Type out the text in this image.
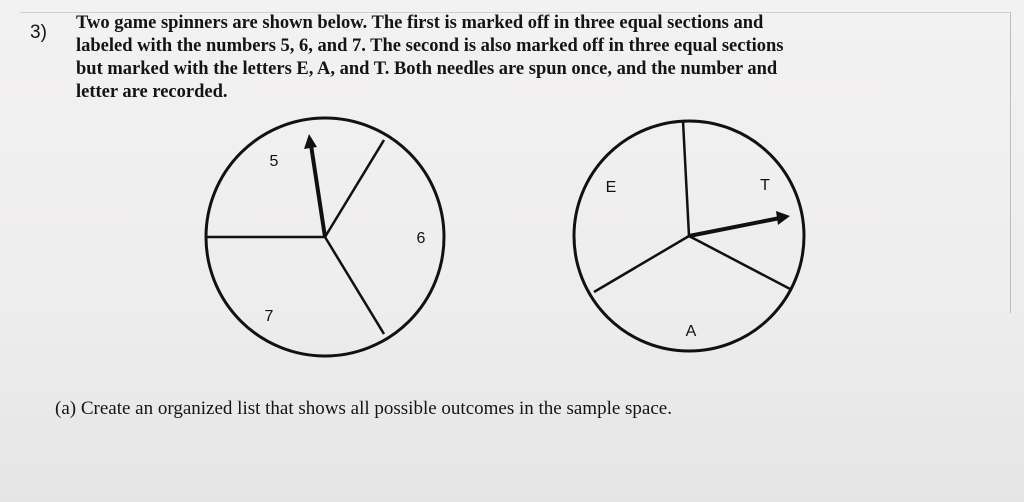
3) Two game spinners are shown below. The first is marked off in three equal sections and
labeled with the numbers 5, 6, and 7. The second is also marked off in three equal sections
but marked with the letters E, A, and T. Both needles are spun once, and the number and
letter are recorded.
5
6
7
E	T
A
(a) Create an organized list that shows all possible outcomes in the sample space.
